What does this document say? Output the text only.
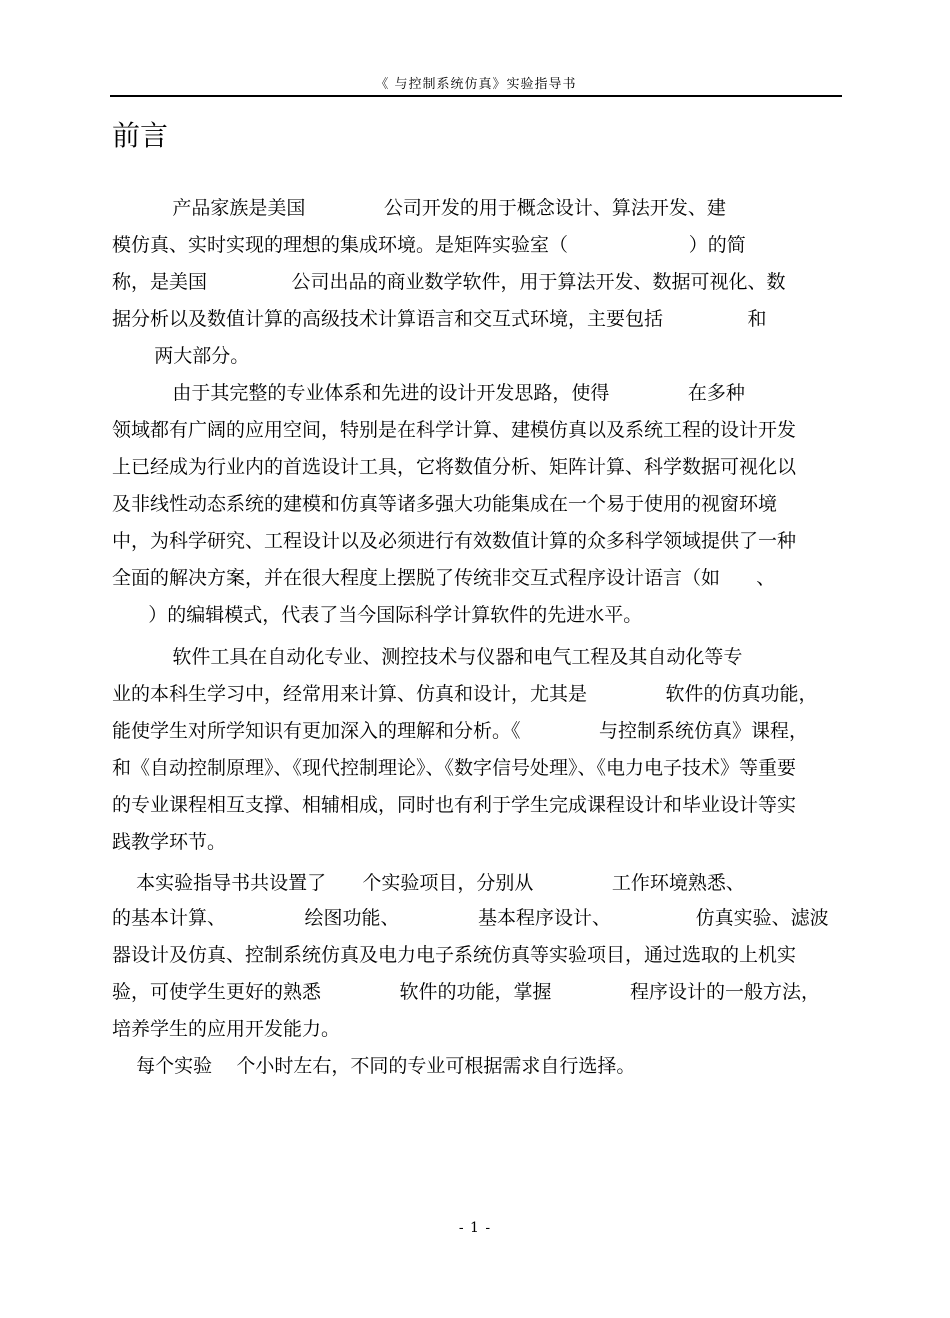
《 与控制系统仿真》实验指导书
前言
产品家族是美国             公司开发的用于概念设计、算法开发、建
模仿真、实时实现的理想的集成环境。是矩阵实验室（                    ）的简
称，是美国              公司出品的商业数学软件，用于算法开发、数据可视化、数
据分析以及数值计算的高级技术计算语言和交互式环境，主要包括              和
两大部分。
由于其完整的专业体系和先进的设计开发思路，使得             在多种
领域都有广阔的应用空间，特别是在科学计算、建模仿真以及系统工程的设计开发
上已经成为行业内的首选设计工具，它将数值分析、矩阵计算、科学数据可视化以
及非线性动态系统的建模和仿真等诸多强大功能集成在一个易于使用的视窗环境
中，为科学研究、工程设计以及必须进行有效数值计算的众多科学领域提供了一种
全面的解决方案，并在很大程度上摆脱了传统非交互式程序设计语言（如      、
）的编辑模式，代表了当今国际科学计算软件的先进水平。
软件工具在自动化专业、测控技术与仪器和电气工程及其自动化等专
业的本科生学习中，经常用来计算、仿真和设计，尤其是             软件的仿真功能，
能使学生对所学知识有更加深入的理解和分析。《             与控制系统仿真》课程，
和《自动控制原理》、《现代控制理论》、《数字信号处理》、《电力电子技术》等重要
的专业课程相互支撑、相辅相成，同时也有利于学生完成课程设计和毕业设计等实
践教学环节。
本实验指导书共设置了      个实验项目，分别从             工作环境熟悉、
的基本计算、             绘图功能、             基本程序设计、              仿真实验、滤波
器设计及仿真、控制系统仿真及电力电子系统仿真等实验项目，通过选取的上机实
验，可使学生更好的熟悉             软件的功能，掌握             程序设计的一般方法，
培养学生的应用开发能力。
每个实验    个小时左右，不同的专业可根据需求自行选择。
- 1 -
